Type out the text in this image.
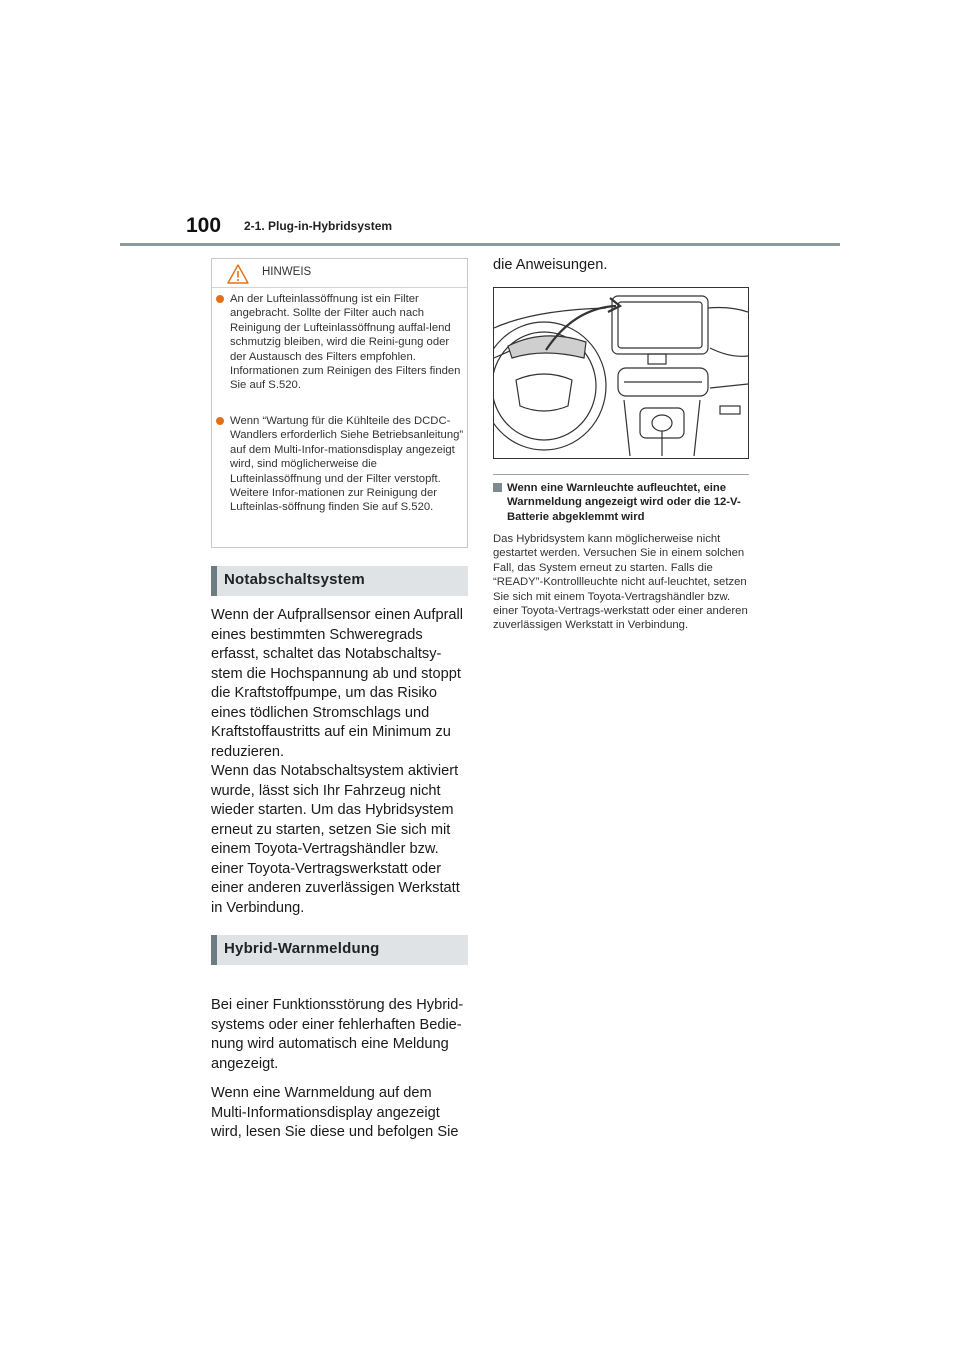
100 2-1. Plug-in-Hybridsystem
HINWEIS
An der Lufteinlassöffnung ist ein Filter angebracht. Sollte der Filter auch nach Reinigung der Lufteinlassöffnung auffal-lend schmutzig bleiben, wird die Reini-gung oder der Austausch des Filters empfohlen. Informationen zum Reinigen des Filters finden Sie auf S.520.
Wenn “Wartung für die Kühlteile des DCDC-Wandlers erforderlich Siehe Betriebsanleitung” auf dem Multi-Infor-mationsdisplay angezeigt wird, sind möglicherweise die Lufteinlassöffnung und der Filter verstopft. Weitere Infor-mationen zur Reinigung der Lufteinlas-söffnung finden Sie auf S.520.
Notabschaltsystem
Wenn der Aufprallsensor einen Aufprall eines bestimmten Schweregrads erfasst, schaltet das Notabschaltsy-stem die Hochspannung ab und stoppt die Kraftstoffpumpe, um das Risiko eines tödlichen Stromschlags und Kraftstoffaustritts auf ein Minimum zu reduzieren.
Wenn das Notabschaltsystem aktiviert wurde, lässt sich Ihr Fahrzeug nicht wieder starten. Um das Hybridsystem erneut zu starten, setzen Sie sich mit einem Toyota-Vertragshändler bzw. einer Toyota-Vertragswerkstatt oder einer anderen zuverlässigen Werkstatt in Verbindung.
Hybrid-Warnmeldung
Bei einer Funktionsstörung des Hybrid-systems oder einer fehlerhaften Bedie-nung wird automatisch eine Meldung angezeigt.
Wenn eine Warnmeldung auf dem Multi-Informationsdisplay angezeigt wird, lesen Sie diese und befolgen Sie
die Anweisungen.
Wenn eine Warnleuchte aufleuchtet, eine Warnmeldung angezeigt wird oder die 12-V-Batterie abgeklemmt wird
Das Hybridsystem kann möglicherweise nicht gestartet werden. Versuchen Sie in einem solchen Fall, das System erneut zu starten. Falls die “READY”-Kontrollleuchte nicht auf-leuchtet, setzen Sie sich mit einem Toyota-Vertragshändler bzw. einer Toyota-Vertrags-werkstatt oder einer anderen zuverlässigen Werkstatt in Verbindung.
